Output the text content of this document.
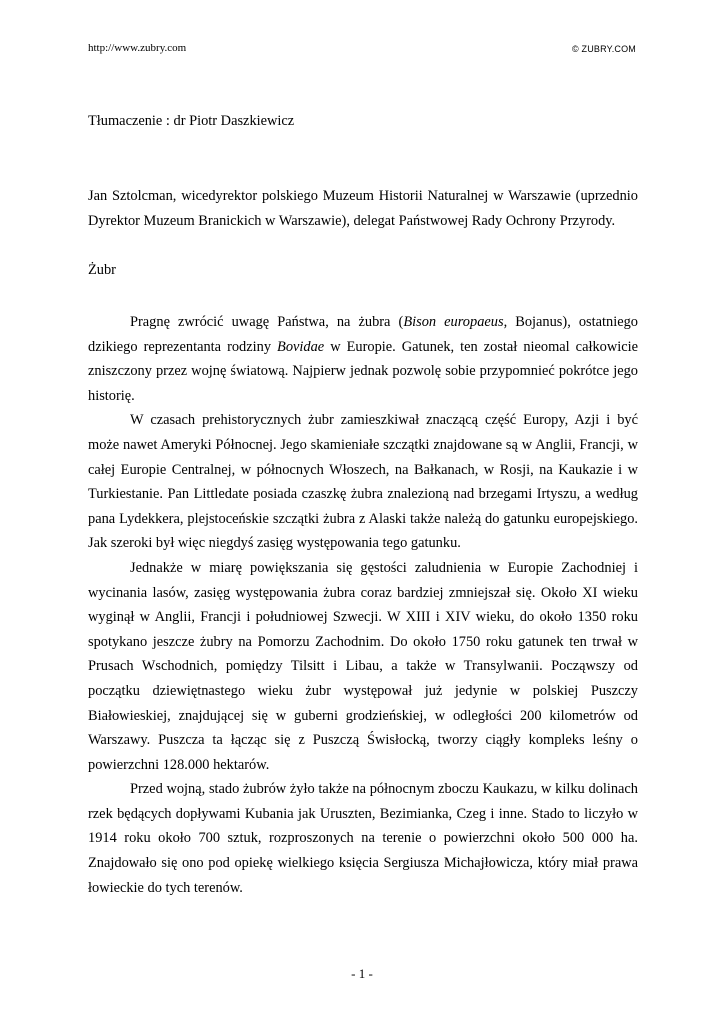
http://www.zubry.com	© ZUBRY.COM
Tłumaczenie : dr Piotr Daszkiewicz
Jan Sztolcman, wicedyrektor polskiego Muzeum Historii Naturalnej w Warszawie (uprzednio Dyrektor Muzeum Branickich w Warszawie), delegat Państwowej Rady Ochrony Przyrody.
Żubr

Pragnę zwrócić uwagę Państwa, na żubra (Bison europaeus, Bojanus), ostatniego dzikiego reprezentanta rodziny Bovidae w Europie. Gatunek, ten został nieomal całkowicie zniszczony przez wojnę światową. Najpierw jednak pozwolę sobie przypomnieć pokrótce jego historię.

W czasach prehistorycznych żubr zamieszkiwał znaczącą część Europy, Azji i być może nawet Ameryki Północnej. Jego skamieniałe szczątki znajdowane są w Anglii, Francji, w całej Europie Centralnej, w północnych Włoszech, na Bałkanach, w Rosji, na Kaukazie i w Turkiestanie. Pan Littledate posiada czaszkę żubra znalezioną nad brzegami Irtyszu, a według pana Lydekkera, plejstoceńskie szczątki żubra z Alaski także należą do gatunku europejskiego. Jak szeroki był więc niegdyś zasięg występowania tego gatunku.

Jednakże w miarę powiększania się gęstości zaludnienia w Europie Zachodniej i wycinania lasów, zasięg występowania żubra coraz bardziej zmniejszał się. Około XI wieku wyginął w Anglii, Francji i południowej Szwecji. W XIII i XIV wieku, do około 1350 roku spotykano jeszcze żubry na Pomorzu Zachodnim. Do około 1750 roku gatunek ten trwał w Prusach Wschodnich, pomiędzy Tilsitt i Libau, a także w Transylwanii. Począwszy od początku dziewiętnastego wieku żubr występował już jedynie w polskiej Puszczy Białowieskiej, znajdującej się w guberni grodzieńskiej, w odległości 200 kilometrów od Warszawy. Puszcza ta łącząc się z Puszczą Świsłocką, tworzy ciągły kompleks leśny o powierzchni 128.000 hektarów.

Przed wojną, stado żubrów żyło także na północnym zboczu Kaukazu, w kilku dolinach rzek będących dopływami Kubania jak Uruszten, Bezimianka, Czeg i inne. Stado to liczyło w 1914 roku około 700 sztuk, rozproszonych na terenie o powierzchni około 500 000 ha. Znajdowało się ono pod opiekę wielkiego księcia Sergiusza Michajłowicza, który miał prawa łowieckie do tych terenów.

- 1 -
